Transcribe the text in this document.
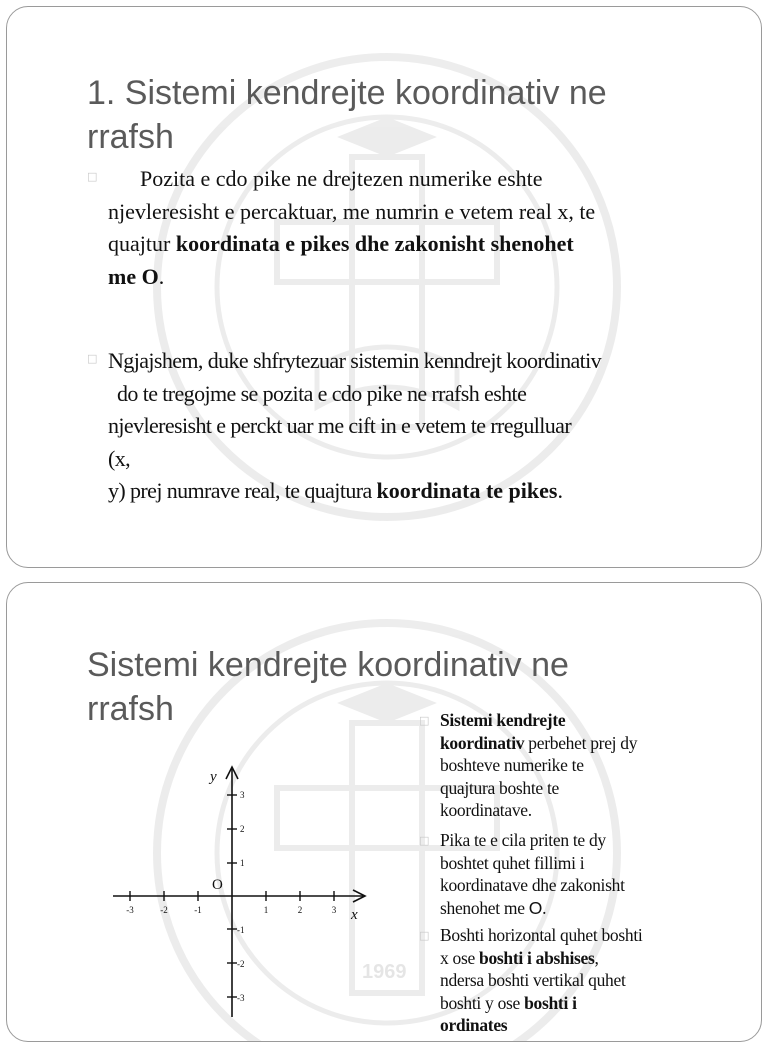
1. Sistemi kendrejte koordinativ ne
rrafsh
□	Pozita e cdo pike ne drejtezen numerike eshte
njevleresisht e percaktuar, me numrin e vetem real x, te
quajtur koordinata e pikes dhe zakonisht shenohet
me O.
□ Ngjajshem, duke shfrytezuar sistemin kenndrejt koordinativ
do te tregojme se pozita e cdo pike ne rrafsh eshte
njevleresisht e perckt uar me cift in e vetem te rregulluar
(x,
y) prej numrave real, te quajtura koordinata te pikes.
1969
Sistemi kendrejte koordinativ ne
rrafsh
-3	-2	-1	1	2	3
3
2
1
-1
-2
-3
y
x
O
□ Sistemi kendrejte
koordinativ perbehet prej dy
boshteve numerike te
quajtura boshte te
koordinatave.
□ Pika te e cila priten te dy
boshtet quhet fillimi i
koordinatave dhe zakonisht
shenohet me O.
□ Boshti horizontal quhet boshti
x ose boshti i abshises,
ndersa boshti vertikal quhet
boshti y ose boshti i
ordinates
